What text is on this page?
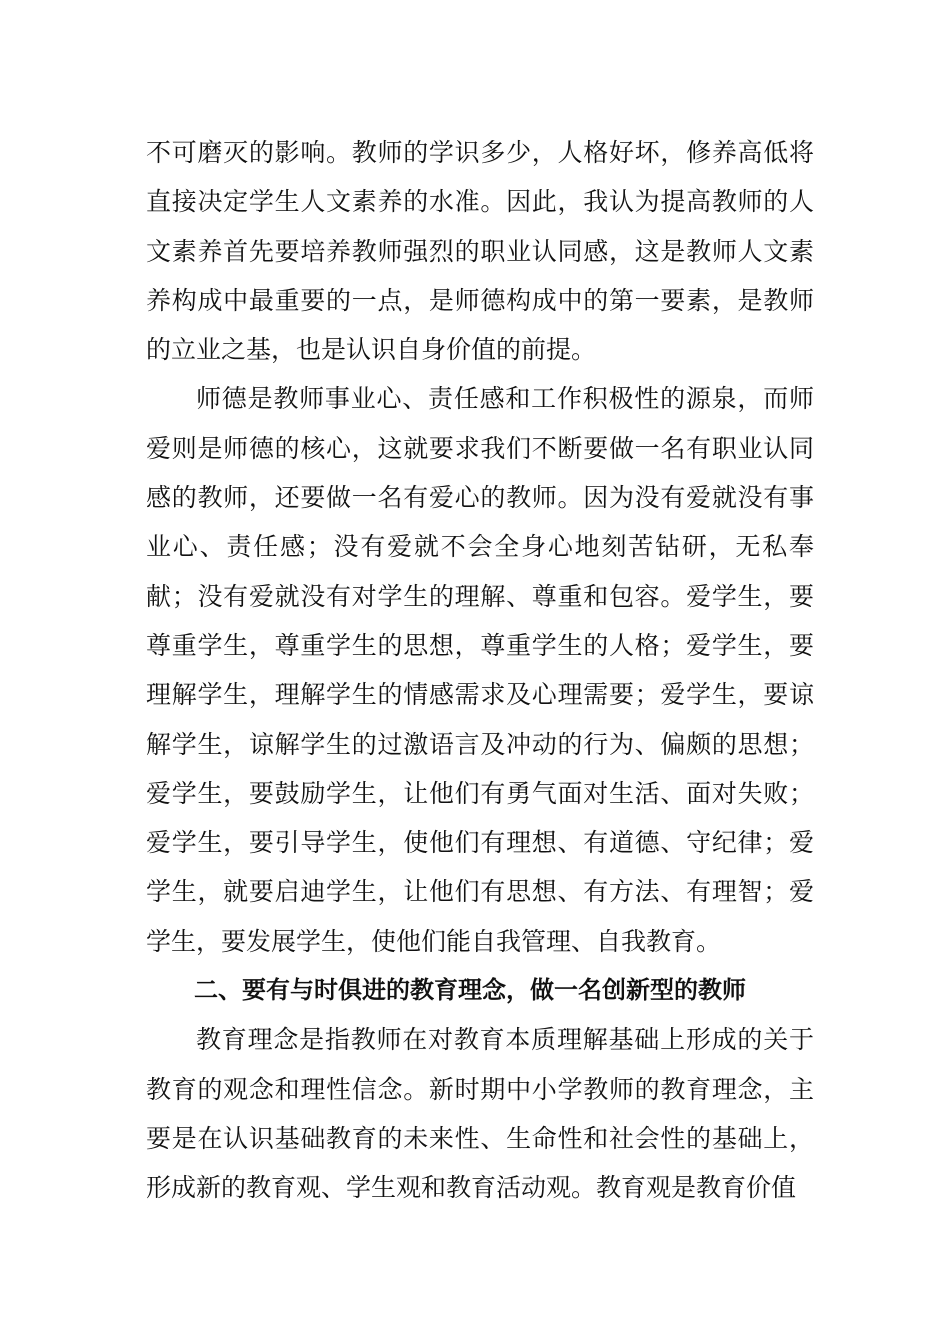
不可磨灭的影响。教师的学识多少，人格好坏，修养高低将直接决定学生人文素养的水准。因此，我认为提高教师的人文素养首先要培养教师强烈的职业认同感，这是教师人文素养构成中最重要的一点，是师德构成中的第一要素，是教师的立业之基，也是认识自身价值的前提。

师德是教师事业心、责任感和工作积极性的源泉，而师爱则是师德的核心，这就要求我们不断要做一名有职业认同感的教师，还要做一名有爱心的教师。因为没有爱就没有事业心、责任感；没有爱就不会全身心地刻苦钻研，无私奉献；没有爱就没有对学生的理解、尊重和包容。爱学生，要尊重学生，尊重学生的思想，尊重学生的人格；爱学生，要理解学生，理解学生的情感需求及心理需要；爱学生，要谅解学生，谅解学生的过激语言及冲动的行为、偏颇的思想；爱学生，要鼓励学生，让他们有勇气面对生活、面对失败；爱学生，要引导学生，使他们有理想、有道德、守纪律；爱学生，就要启迪学生，让他们有思想、有方法、有理智；爱学生，要发展学生，使他们能自我管理、自我教育。

二、要有与时俱进的教育理念，做一名创新型的教师

教育理念是指教师在对教育本质理解基础上形成的关于教育的观念和理性信念。新时期中小学教师的教育理念，主要是在认识基础教育的未来性、生命性和社会性的基础上，形成新的教育观、学生观和教育活动观。教育观是教育价值
